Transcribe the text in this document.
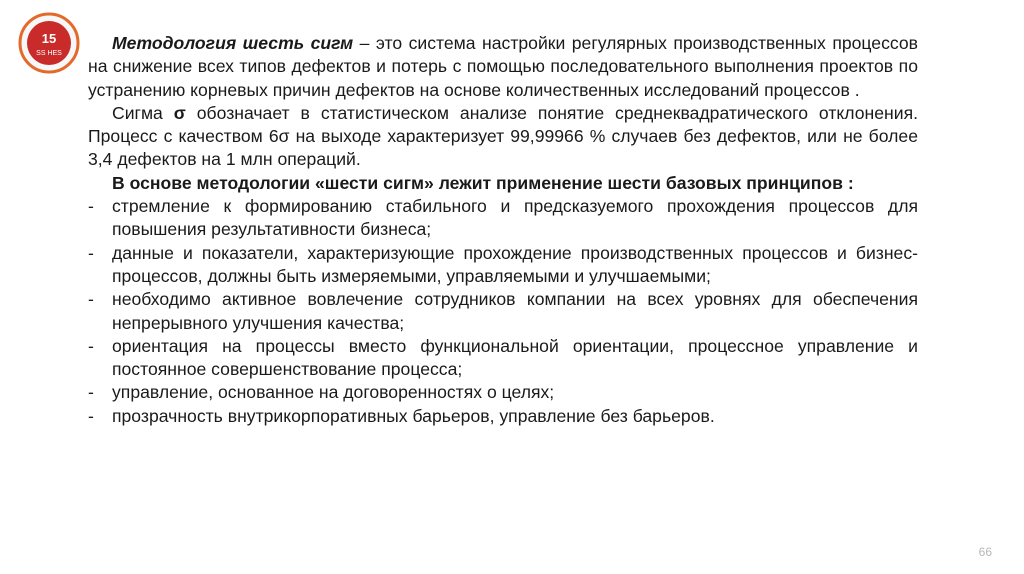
15
SS HES

Методология шесть сигм – это система настройки регулярных производственных процессов на снижение всех типов дефектов и потерь с помощью последовательного выполнения проектов по устранению корневых причин дефектов на основе количественных исследований процессов .

Сигма σ обозначает в статистическом анализе понятие среднеквадратического отклонения. Процесс с качеством 6σ на выходе характеризует 99,99966 % случаев без дефектов, или не более 3,4 дефектов на 1 млн операций.

В основе методологии «шести сигм» лежит применение шести базовых принципов :

- стремление к формированию стабильного и предсказуемого прохождения процессов для повышения результативности бизнеса;
- данные и показатели, характеризующие прохождение производственных процессов и бизнес-процессов, должны быть измеряемыми, управляемыми и улучшаемыми;
- необходимо активное вовлечение сотрудников компании на всех уровнях для обеспечения непрерывного улучшения качества;
- ориентация на процессы вместо функциональной ориентации, процессное управление и постоянное совершенствование процесса;
- управление, основанное на договоренностях о целях;
- прозрачность внутрикорпоративных барьеров, управление без барьеров.
66
